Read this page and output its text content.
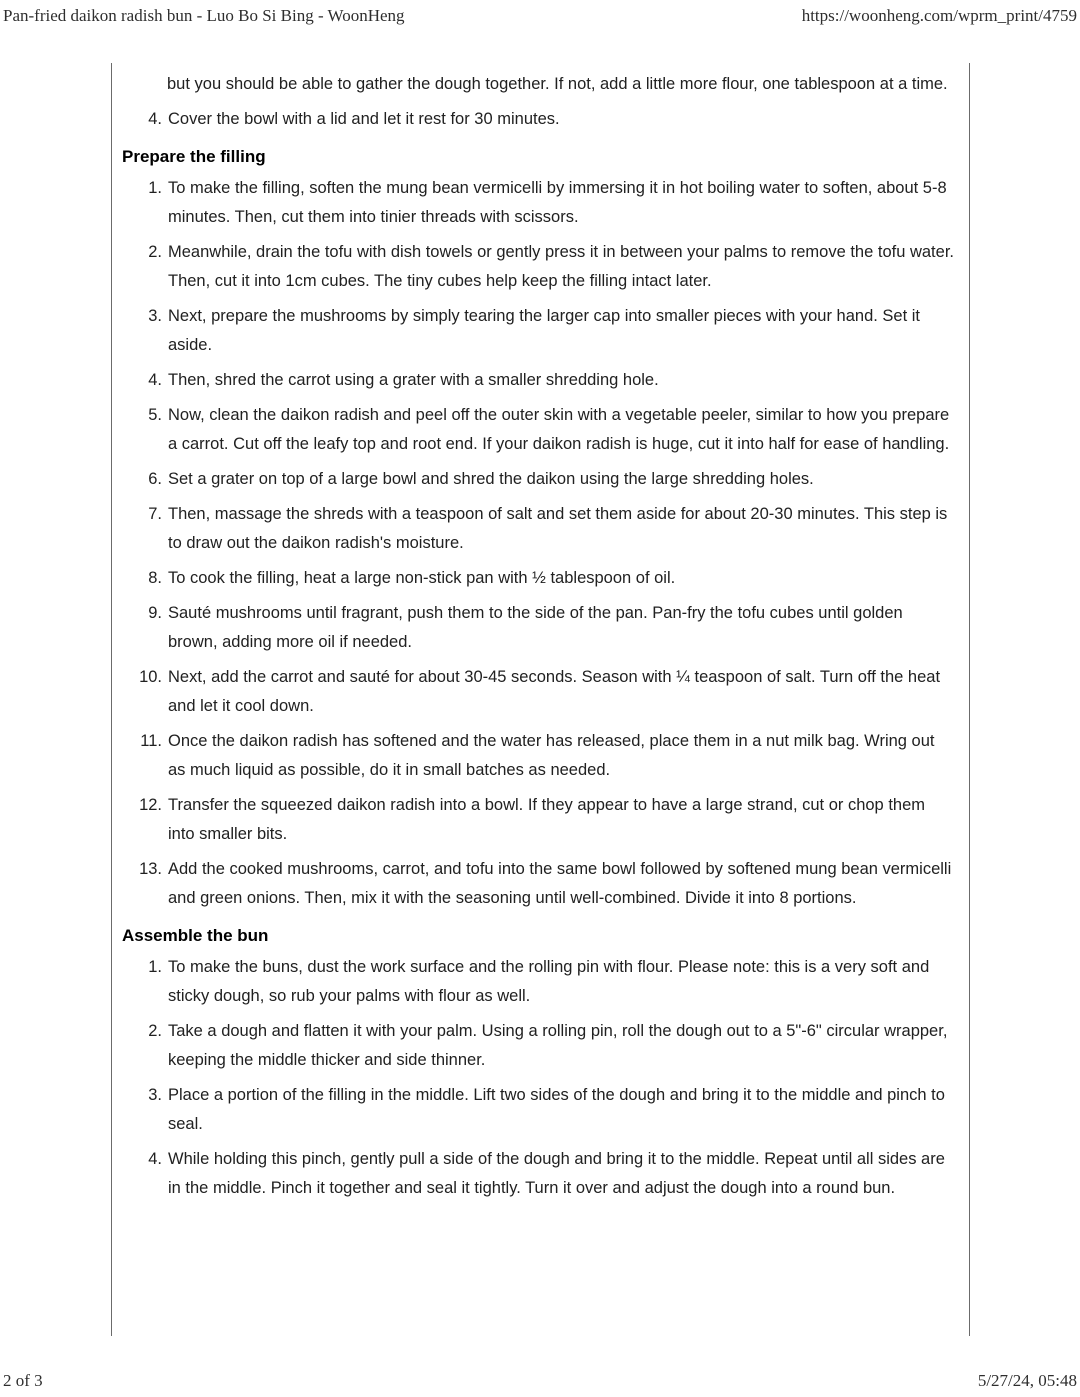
Pan-fried daikon radish bun - Luo Bo Si Bing - WoonHeng	https://woonheng.com/wprm_print/4759
but you should be able to gather the dough together. If not, add a little more flour, one tablespoon at a time.
4. Cover the bowl with a lid and let it rest for 30 minutes.
Prepare the filling
1. To make the filling, soften the mung bean vermicelli by immersing it in hot boiling water to soften, about 5-8 minutes. Then, cut them into tinier threads with scissors.
2. Meanwhile, drain the tofu with dish towels or gently press it in between your palms to remove the tofu water. Then, cut it into 1cm cubes. The tiny cubes help keep the filling intact later.
3. Next, prepare the mushrooms by simply tearing the larger cap into smaller pieces with your hand. Set it aside.
4. Then, shred the carrot using a grater with a smaller shredding hole.
5. Now, clean the daikon radish and peel off the outer skin with a vegetable peeler, similar to how you prepare a carrot. Cut off the leafy top and root end. If your daikon radish is huge, cut it into half for ease of handling.
6. Set a grater on top of a large bowl and shred the daikon using the large shredding holes.
7. Then, massage the shreds with a teaspoon of salt and set them aside for about 20-30 minutes. This step is to draw out the daikon radish's moisture.
8. To cook the filling, heat a large non-stick pan with ½ tablespoon of oil.
9. Sauté mushrooms until fragrant, push them to the side of the pan. Pan-fry the tofu cubes until golden brown, adding more oil if needed.
10. Next, add the carrot and sauté for about 30-45 seconds. Season with ¼ teaspoon of salt. Turn off the heat and let it cool down.
11. Once the daikon radish has softened and the water has released, place them in a nut milk bag. Wring out as much liquid as possible, do it in small batches as needed.
12. Transfer the squeezed daikon radish into a bowl. If they appear to have a large strand, cut or chop them into smaller bits.
13. Add the cooked mushrooms, carrot, and tofu into the same bowl followed by softened mung bean vermicelli and green onions. Then, mix it with the seasoning until well-combined. Divide it into 8 portions.
Assemble the bun
1. To make the buns, dust the work surface and the rolling pin with flour. Please note: this is a very soft and sticky dough, so rub your palms with flour as well.
2. Take a dough and flatten it with your palm. Using a rolling pin, roll the dough out to a 5"-6" circular wrapper, keeping the middle thicker and side thinner.
3. Place a portion of the filling in the middle. Lift two sides of the dough and bring it to the middle and pinch to seal.
4. While holding this pinch, gently pull a side of the dough and bring it to the middle. Repeat until all sides are in the middle. Pinch it together and seal it tightly. Turn it over and adjust the dough into a round bun.
2 of 3	5/27/24, 05:48
